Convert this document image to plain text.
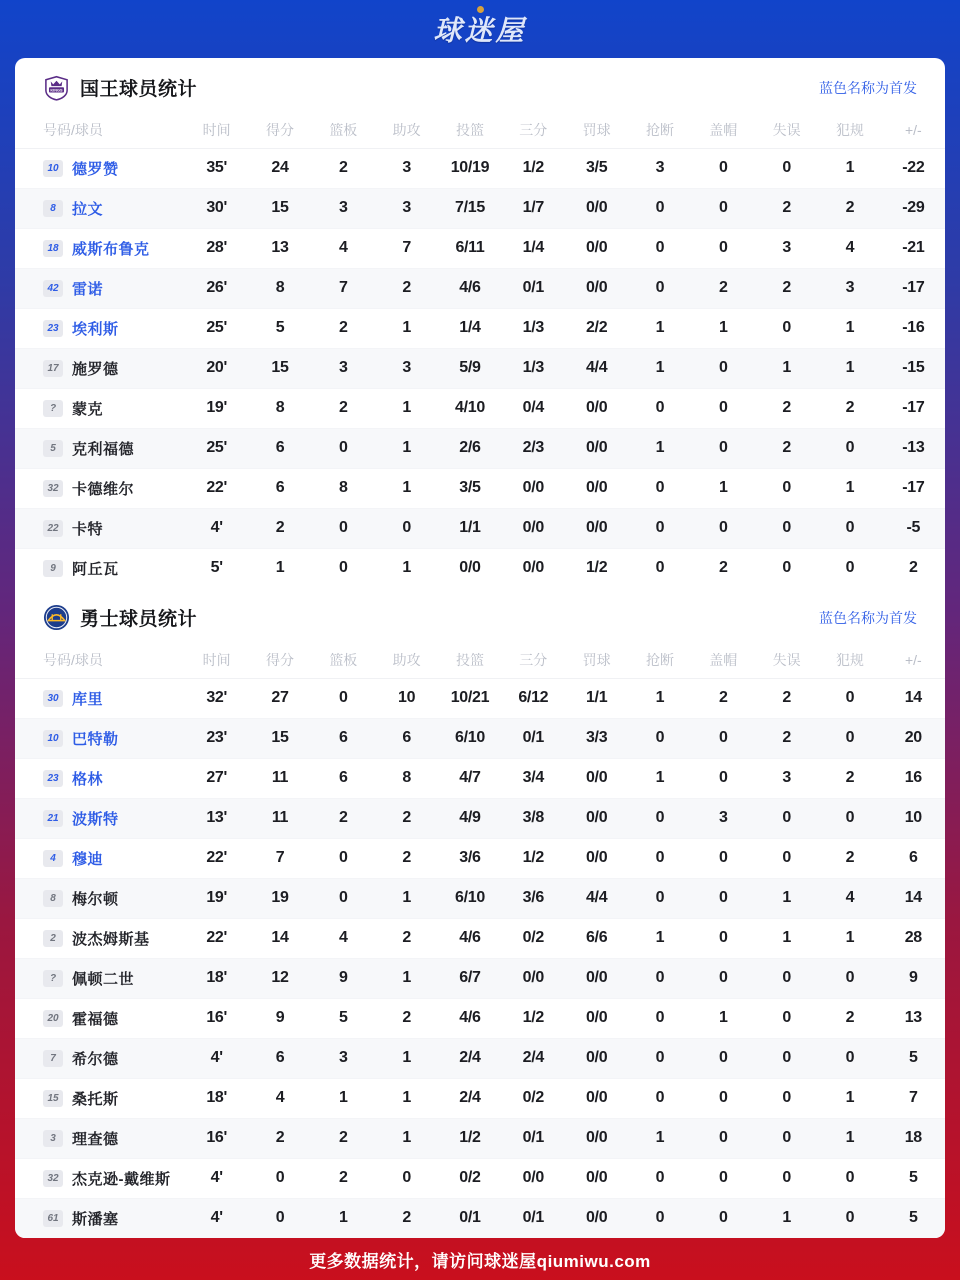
球迷屋
KINGS 国王球员统计	蓝色名称为首发
号码/球员	时间	得分	篮板	助攻	投篮	三分	罚球	抢断	盖帽	失误	犯规	+/-

10 德罗赞	35'	24	2	3	10/19	1/2	3/5	3	0	0	1	-22

8 拉文	30'	15	3	3	7/15	1/7	0/0	0	0	2	2	-29

18 威斯布鲁克	28'	13	4	7	6/11	1/4	0/0	0	0	3	4	-21

42 雷诺	26'	8	7	2	4/6	0/1	0/0	0	2	2	3	-17

23 埃利斯	25'	5	2	1	1/4	1/3	2/2	1	1	0	1	-16

17 施罗德	20'	15	3	3	5/9	1/3	4/4	1	0	1	1	-15

? 蒙克	19'	8	2	1	4/10	0/4	0/0	0	0	2	2	-17

5 克利福德	25'	6	0	1	2/6	2/3	0/0	1	0	2	0	-13

32 卡德维尔	22'	6	8	1	3/5	0/0	0/0	0	1	0	1	-17

22 卡特	4'	2	0	0	1/1	0/0	0/0	0	0	0	0	-5

9 阿丘瓦	5'	1	0	1	0/0	0/0	1/2	0	2	0	0	2
勇士球员统计	蓝色名称为首发
号码/球员	时间	得分	篮板	助攻	投篮	三分	罚球	抢断	盖帽	失误	犯规	+/-

30 库里	32'	27	0	10	10/21	6/12	1/1	1	2	2	0	14

10 巴特勒	23'	15	6	6	6/10	0/1	3/3	0	0	2	0	20

23 格林	27'	11	6	8	4/7	3/4	0/0	1	0	3	2	16

21 波斯特	13'	11	2	2	4/9	3/8	0/0	0	3	0	0	10

4 穆迪	22'	7	0	2	3/6	1/2	0/0	0	0	0	2	6

8 梅尔顿	19'	19	0	1	6/10	3/6	4/4	0	0	1	4	14

2 波杰姆斯基	22'	14	4	2	4/6	0/2	6/6	1	0	1	1	28

? 佩顿二世	18'	12	9	1	6/7	0/0	0/0	0	0	0	0	9

20 霍福德	16'	9	5	2	4/6	1/2	0/0	0	1	0	2	13

7 希尔德	4'	6	3	1	2/4	2/4	0/0	0	0	0	0	5

15 桑托斯	18'	4	1	1	2/4	0/2	0/0	0	0	0	1	7

3 理查德	16'	2	2	1	1/2	0/1	0/0	1	0	0	1	18

32 杰克逊-戴维斯	4'	0	2	0	0/2	0/0	0/0	0	0	0	0	5

61 斯潘塞	4'	0	1	2	0/1	0/1	0/0	0	0	1	0	5
更多数据统计，请访问球迷屋qiumiwu.com
